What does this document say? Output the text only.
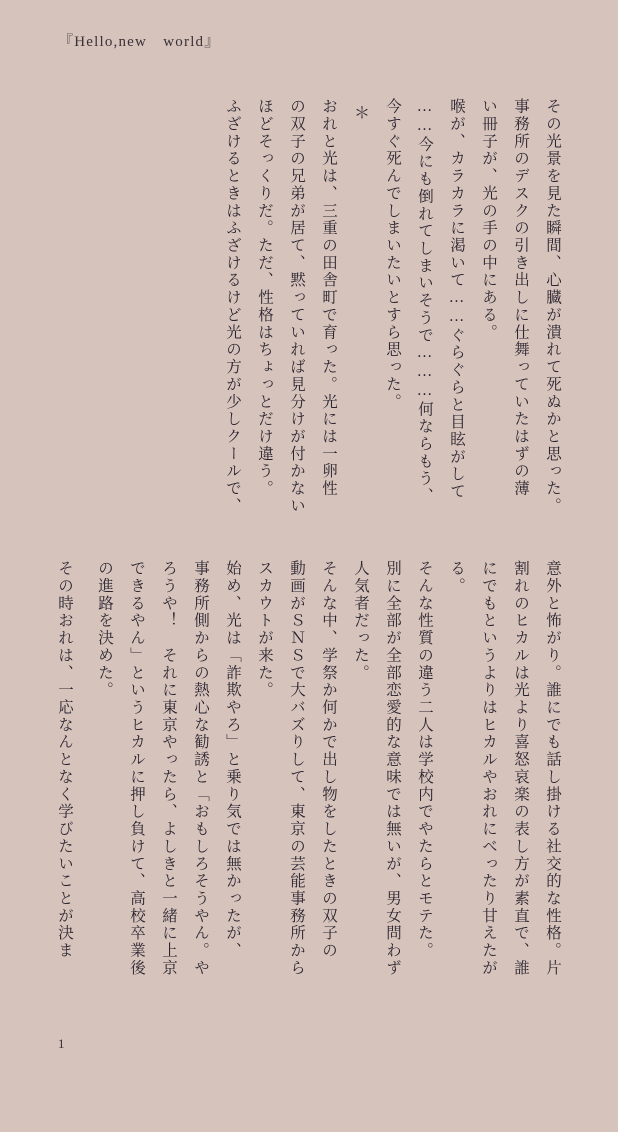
『Hello,new　world』
その光景を見た瞬間、心臓が潰れて死ぬかと思った。
事務所のデスクの引き出しに仕舞っていたはずの薄
い冊子が、光の手の中にある。
喉が、カラカラに渇いて……ぐらぐらと目眩がして
……今にも倒れてしまいそうで………何ならもう、
今すぐ死んでしまいたいとすら思った。
＊
おれと光は、三重の田舎町で育った。光には一卵性
の双子の兄弟が居て、黙っていれば見分けが付かない
ほどそっくりだ。ただ、性格はちょっとだけ違う。
ふざけるときはふざけるけど光の方が少しクールで、
意外と怖がり。誰にでも話し掛ける社交的な性格。片
割れのヒカルは光より喜怒哀楽の表し方が素直で、誰
にでもというよりはヒカルやおれにべったり甘えたが
る。
そんな性質の違う二人は学校内でやたらとモテた。
別に全部が全部恋愛的な意味では無いが、男女問わず
人気者だった。
そんな中、学祭か何かで出し物をしたときの双子の
動画がＳＮＳで大バズりして、東京の芸能事務所から
スカウトが来た。
始め、光は「詐欺やろ」と乗り気では無かったが、
事務所側からの熱心な勧誘と「おもしろそうやん。や
ろうや！　それに東京やったら、よしきと一緒に上京
できるやん」というヒカルに押し負けて、高校卒業後
の進路を決めた。
その時おれは、一応なんとなく学びたいことが決ま
1
